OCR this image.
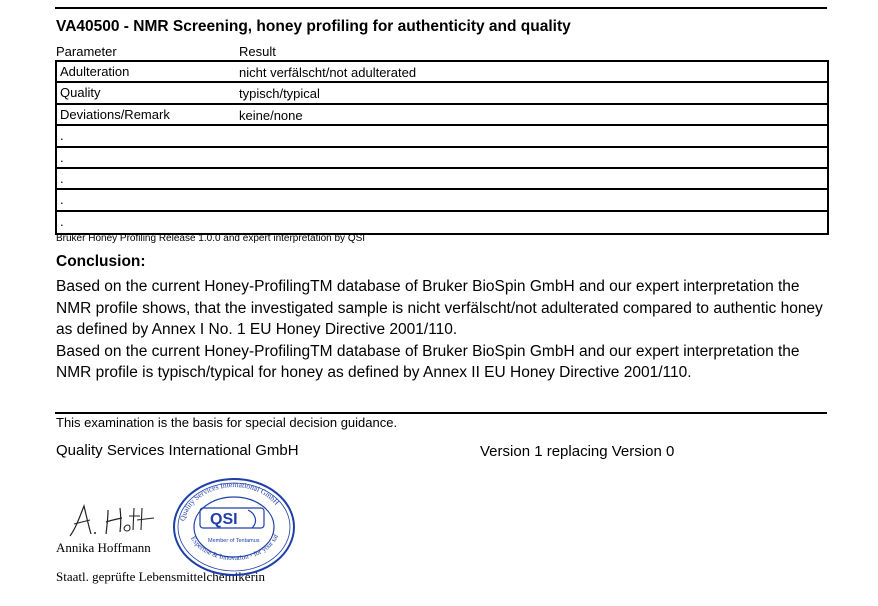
VA40500 - NMR Screening, honey profiling for authenticity and quality
Parameter	Result
Adulteration	nicht verfälscht/not adulterated
Quality	typisch/typical
Deviations/Remark	keine/none
.
.
.
.
.
Bruker Honey Profiling Release 1.0.0 and expert interpretation by QSI
Conclusion:

Based on the current Honey-ProfilingTM database of Bruker BioSpin GmbH and our expert interpretation the NMR profile shows, that the investigated sample is nicht verfälscht/not adulterated compared to authentic honey as defined by Annex I No. 1 EU Honey Directive 2001/110.

Based on the current Honey-ProfilingTM database of Bruker BioSpin GmbH and our expert interpretation the NMR profile is typisch/typical for honey as defined by Annex II EU Honey Directive 2001/110.

This examination is the basis for special decision guidance.
Quality Services International GmbH	Version 1 replacing Version 0
Annika Hoffmann
Staatl. geprüfte Lebensmittelchemikerin
Quality Services International GmbH
Expertise & Innovation - for your saf
QSI
Member of Tentamus
